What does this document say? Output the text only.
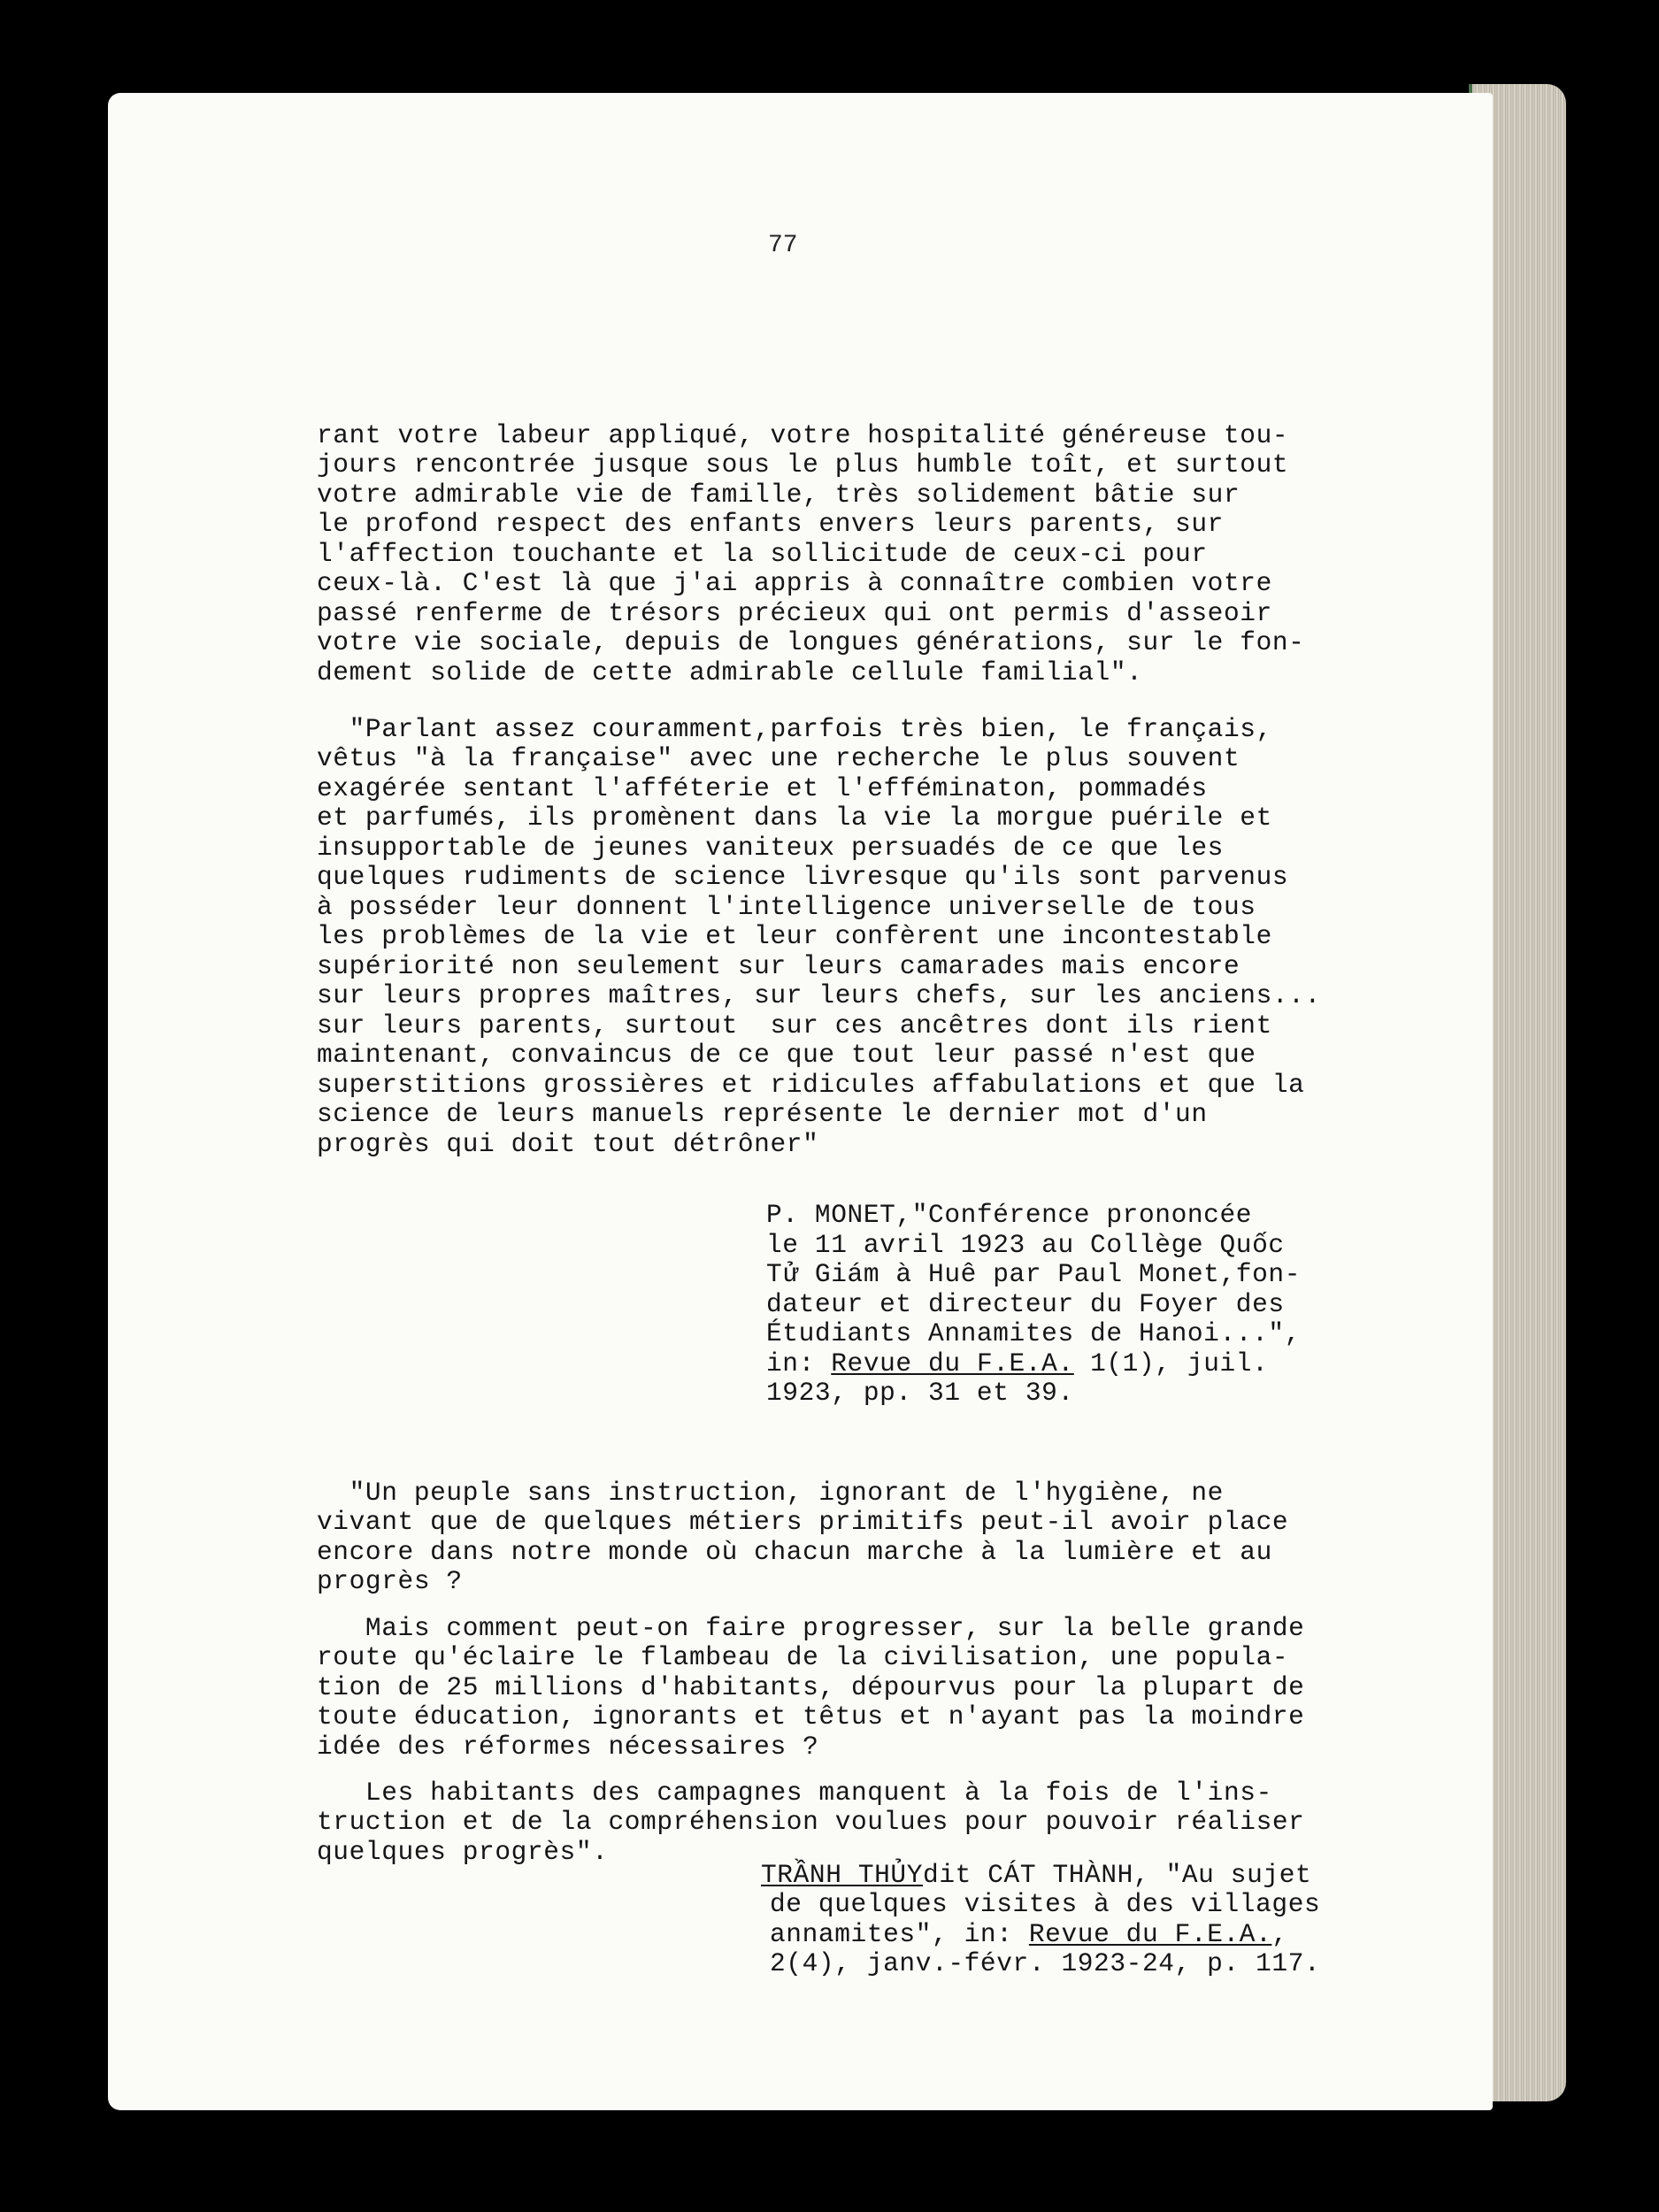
77
rant votre labeur appliqué, votre hospitalité généreuse tou-
jours rencontrée jusque sous le plus humble toît, et surtout
votre admirable vie de famille, très solidement bâtie sur
le profond respect des enfants envers leurs parents, sur
l'affection touchante et la sollicitude de ceux-ci pour
ceux-là. C'est là que j'ai appris à connaître combien votre
passé renferme de trésors précieux qui ont permis d'asseoir
votre vie sociale, depuis de longues générations, sur le fon-
dement solide de cette admirable cellule familial".
"Parlant assez couramment,parfois très bien, le français,
vêtus "à la française" avec une recherche le plus souvent
exagérée sentant l'afféterie et l'efféminaton, pommadés
et parfumés, ils promènent dans la vie la morgue puérile et
insupportable de jeunes vaniteux persuadés de ce que les
quelques rudiments de science livresque qu'ils sont parvenus
à posséder leur donnent l'intelligence universelle de tous
les problèmes de la vie et leur confèrent une incontestable
supériorité non seulement sur leurs camarades mais encore
sur leurs propres maîtres, sur leurs chefs, sur les anciens...
sur leurs parents, surtout  sur ces ancêtres dont ils rient
maintenant, convaincus de ce que tout leur passé n'est que
superstitions grossières et ridicules affabulations et que la
science de leurs manuels représente le dernier mot d'un
progrès qui doit tout détrôner"
P. MONET,"Conférence prononcée
le 11 avril 1923 au Collège Quốc
Tử Giám à Huê par Paul Monet,fon-
dateur et directeur du Foyer des
Étudiants Annamites de Hanoi...",
in: Revue du F.E.A. 1(1), juil.
1923, pp. 31 et 39.
"Un peuple sans instruction, ignorant de l'hygiène, ne
vivant que de quelques métiers primitifs peut-il avoir place
encore dans notre monde où chacun marche à la lumière et au
progrès ?
Mais comment peut-on faire progresser, sur la belle grande
route qu'éclaire le flambeau de la civilisation, une popula-
tion de 25 millions d'habitants, dépourvus pour la plupart de
toute éducation, ignorants et têtus et n'ayant pas la moindre
idée des réformes nécessaires ?
Les habitants des campagnes manquent à la fois de l'ins-
truction et de la compréhension voulues pour pouvoir réaliser
quelques progrès".
TRẦNH THỦYdit CÁT THÀNH, "Au sujet
de quelques visites à des villages
annamites", in: Revue du F.E.A.,
2(4), janv.-févr. 1923-24, p. 117.
